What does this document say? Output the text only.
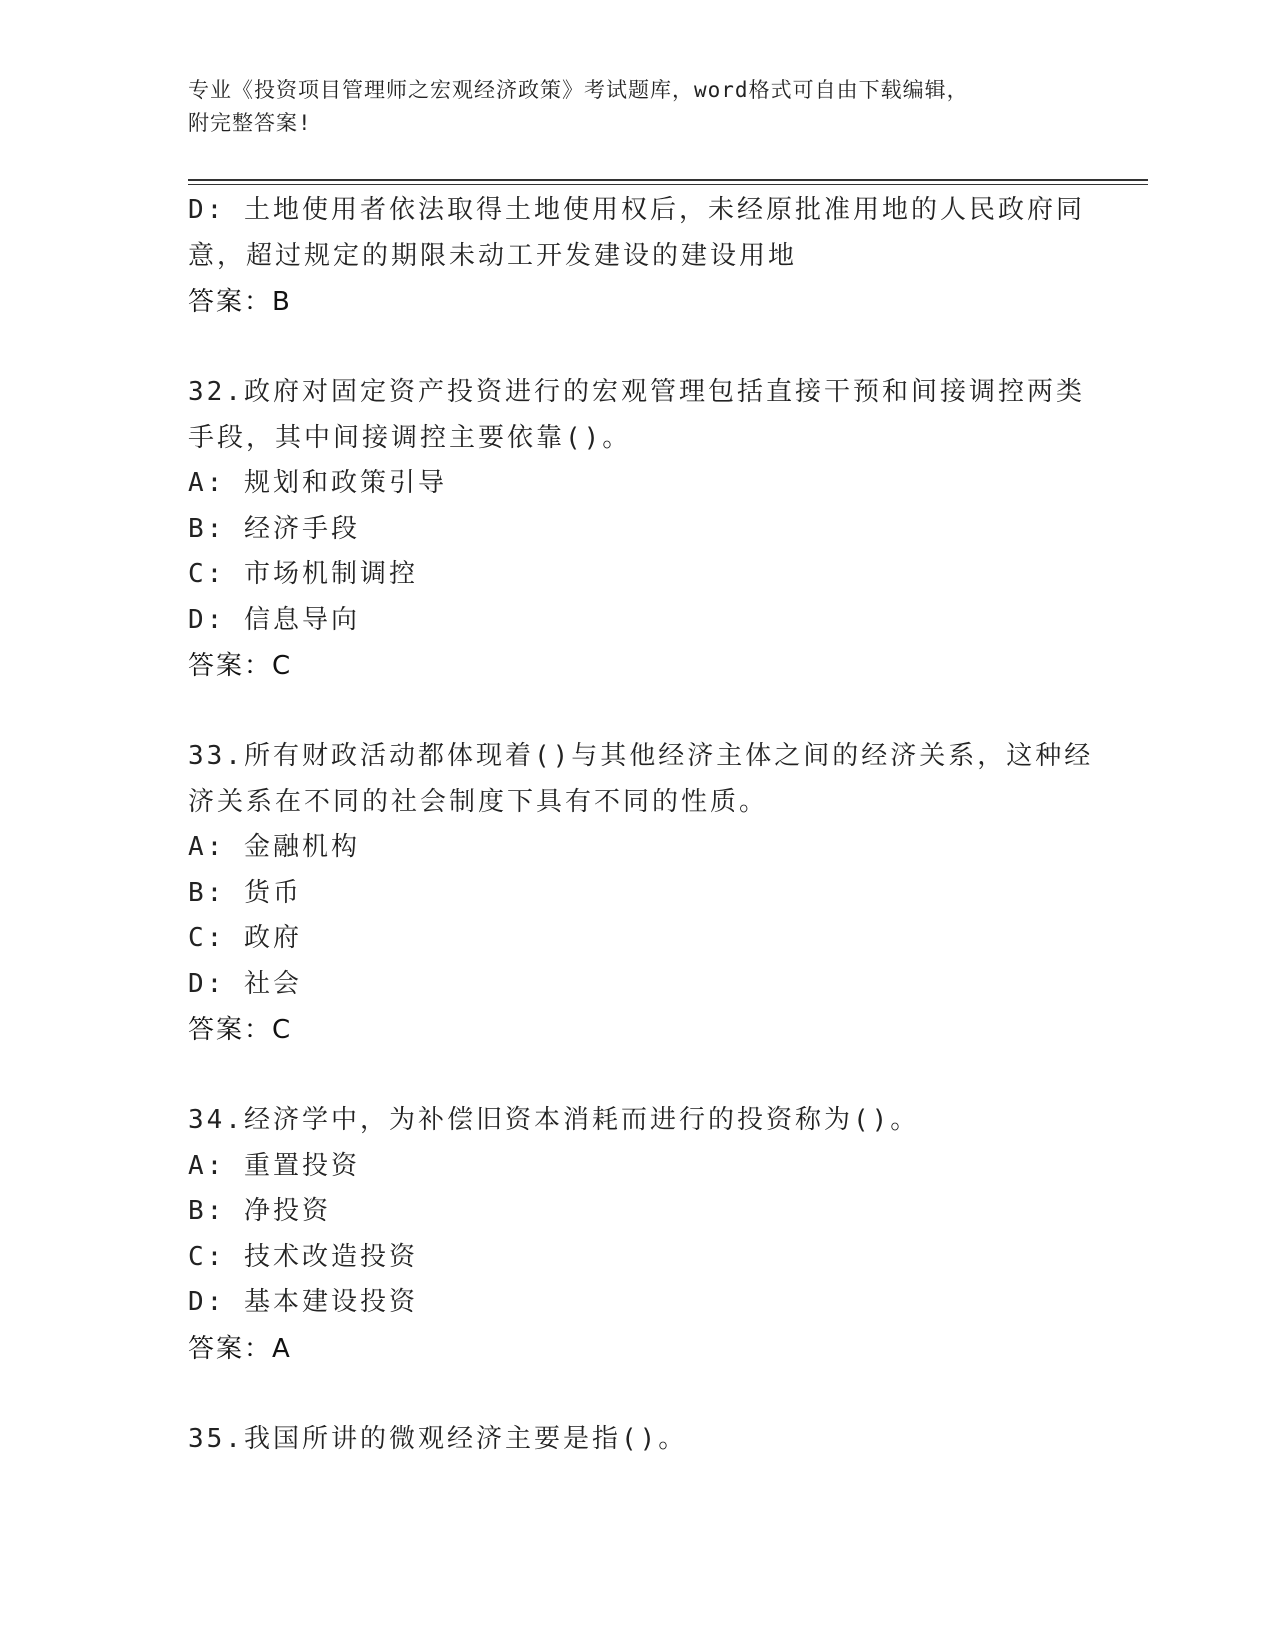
专业《投资项目管理师之宏观经济政策》考试题库，word格式可自由下载编辑，
附完整答案!
D: 土地使用者依法取得土地使用权后，未经原批准用地的人民政府同
意，超过规定的期限未动工开发建设的建设用地
答案：B
32.政府对固定资产投资进行的宏观管理包括直接干预和间接调控两类
手段，其中间接调控主要依靠()。
A: 规划和政策引导
B: 经济手段
C: 市场机制调控
D: 信息导向
答案：C
33.所有财政活动都体现着()与其他经济主体之间的经济关系，这种经
济关系在不同的社会制度下具有不同的性质。
A: 金融机构
B: 货币
C: 政府
D: 社会
答案：C
34.经济学中，为补偿旧资本消耗而进行的投资称为()。
A: 重置投资
B: 净投资
C: 技术改造投资
D: 基本建设投资
答案：A
35.我国所讲的微观经济主要是指()。
